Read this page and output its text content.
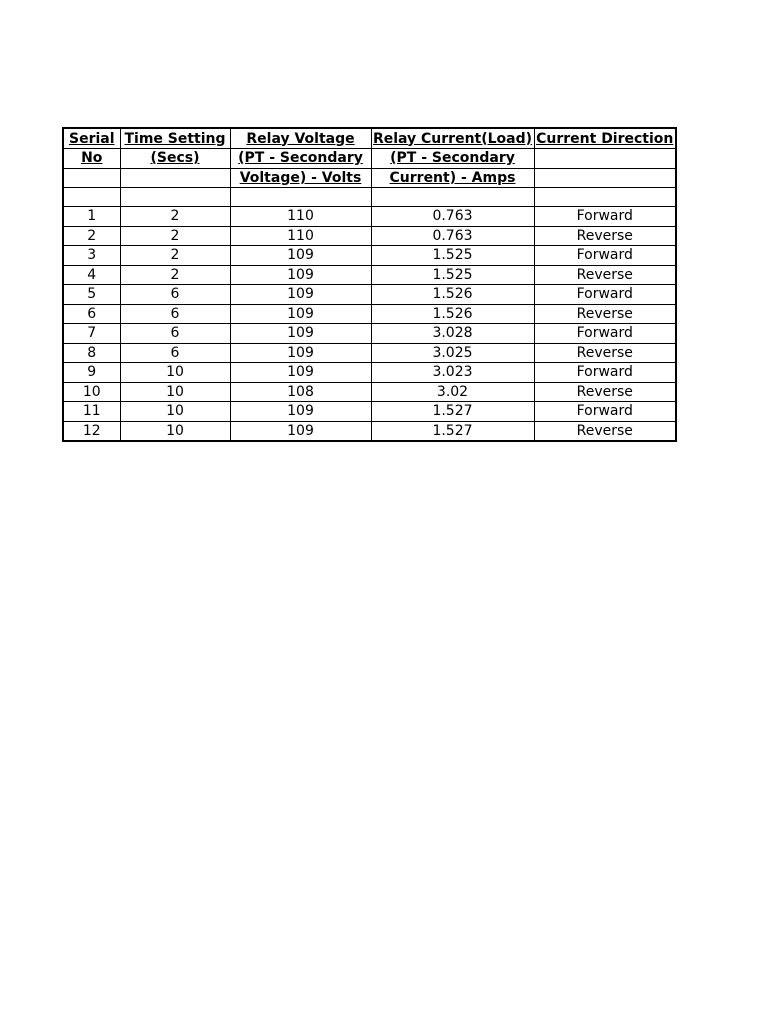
Serial	Time Setting	Relay Voltage	Relay Current(Load)	Current Direction
No	(Secs)	(PT - Secondary	(PT - Secondary	
		Voltage) - Volts	Current) - Amps	

1	2	110	0.763	Forward
2	2	110	0.763	Reverse
3	2	109	1.525	Forward
4	2	109	1.525	Reverse
5	6	109	1.526	Forward
6	6	109	1.526	Reverse
7	6	109	3.028	Forward
8	6	109	3.025	Reverse
9	10	109	3.023	Forward
10	10	108	3.02	Reverse
11	10	109	1.527	Forward
12	10	109	1.527	Reverse
